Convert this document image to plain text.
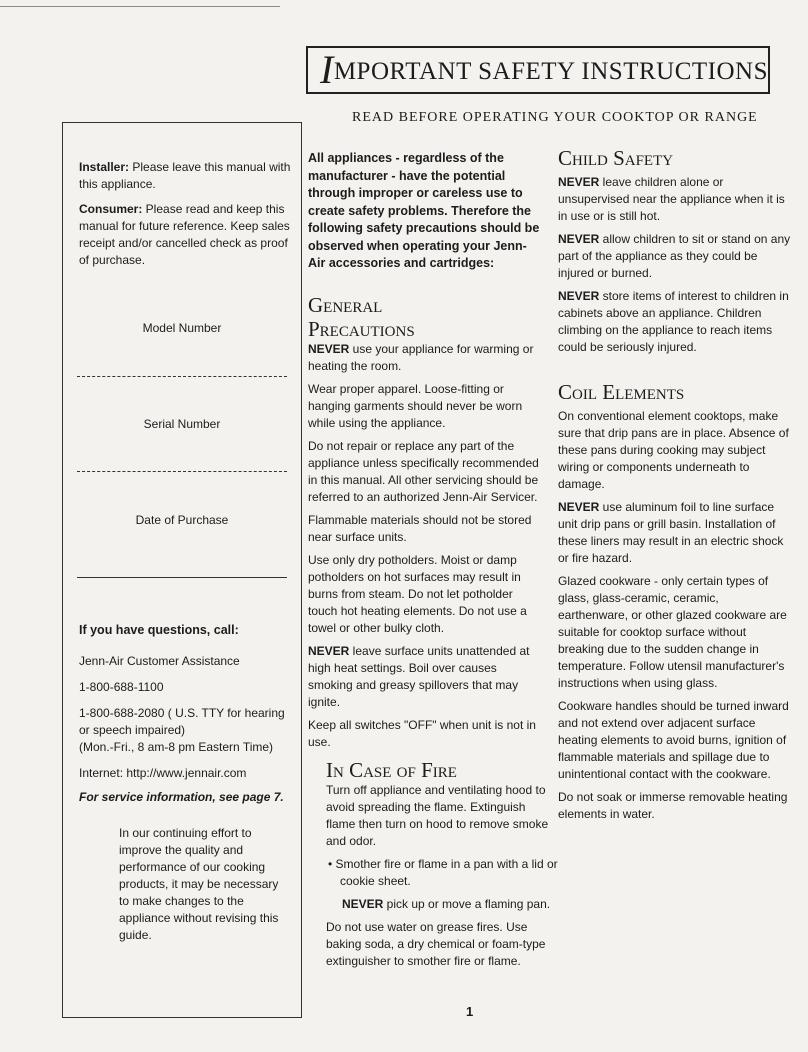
IMPORTANT SAFETY INSTRUCTIONS
READ BEFORE OPERATING YOUR COOKTOP OR RANGE

Installer: Please leave this manual with this appliance.

Consumer: Please read and keep this manual for future reference. Keep sales receipt and/or cancelled check as proof of purchase.

Model Number
Serial Number
Date of Purchase
If you have questions, call:

Jenn-Air Customer Assistance

1-800-688-1100

1-800-688-2080 ( U.S. TTY for hearing or speech impaired)

(Mon.-Fri., 8 am-8 pm Eastern Time)

Internet: http://www.jennair.com

For service information, see page 7.

In our continuing effort to improve the quality and performance of our cooking products, it may be necessary to make changes to the appliance without revising this guide.

All appliances - regardless of the manufacturer - have the potential through improper or careless use to create safety problems. Therefore the following safety precautions should be observed when operating your Jenn-Air accessories and cartridges:

General
Precautions

NEVER use your appliance for warming or heating the room.

Wear proper apparel. Loose-fitting or hanging garments should never be worn while using the appliance.

Do not repair or replace any part of the appliance unless specifically recommended in this manual. All other servicing should be referred to an authorized Jenn-Air Servicer.

Flammable materials should not be stored near surface units.

Use only dry potholders. Moist or damp potholders on hot surfaces may result in burns from steam. Do not let potholder touch hot heating elements. Do not use a towel or other bulky cloth.

NEVER leave surface units unattended at high heat settings. Boil over causes smoking and greasy spillovers that may ignite.

Keep all switches "OFF" when unit is not in use.

In Case of Fire

Turn off appliance and ventilating hood to avoid spreading the flame. Extinguish flame then turn on hood to remove smoke and odor.

• Smother fire or flame in a pan with a lid or cookie sheet.

NEVER pick up or move a flaming pan.

Do not use water on grease fires. Use baking soda, a dry chemical or foam-type extinguisher to smother fire or flame.

Child Safety

NEVER leave children alone or unsupervised near the appliance when it is in use or is still hot.

NEVER allow children to sit or stand on any part of the appliance as they could be injured or burned.

NEVER store items of interest to children in cabinets above an appliance. Children climbing on the appliance to reach items could be seriously injured.

Coil Elements

On conventional element cooktops, make sure that drip pans are in place. Absence of these pans during cooking may subject wiring or components underneath to damage.

NEVER use aluminum foil to line surface unit drip pans or grill basin. Installation of these liners may result in an electric shock or fire hazard.

Glazed cookware - only certain types of glass, glass-ceramic, ceramic, earthenware, or other glazed cookware are suitable for cooktop surface without breaking due to the sudden change in temperature. Follow utensil manufacturer's instructions when using glass.

Cookware handles should be turned inward and not extend over adjacent surface heating elements to avoid burns, ignition of flammable materials and spillage due to unintentional contact with the cookware.

Do not soak or immerse removable heating elements in water.

1
